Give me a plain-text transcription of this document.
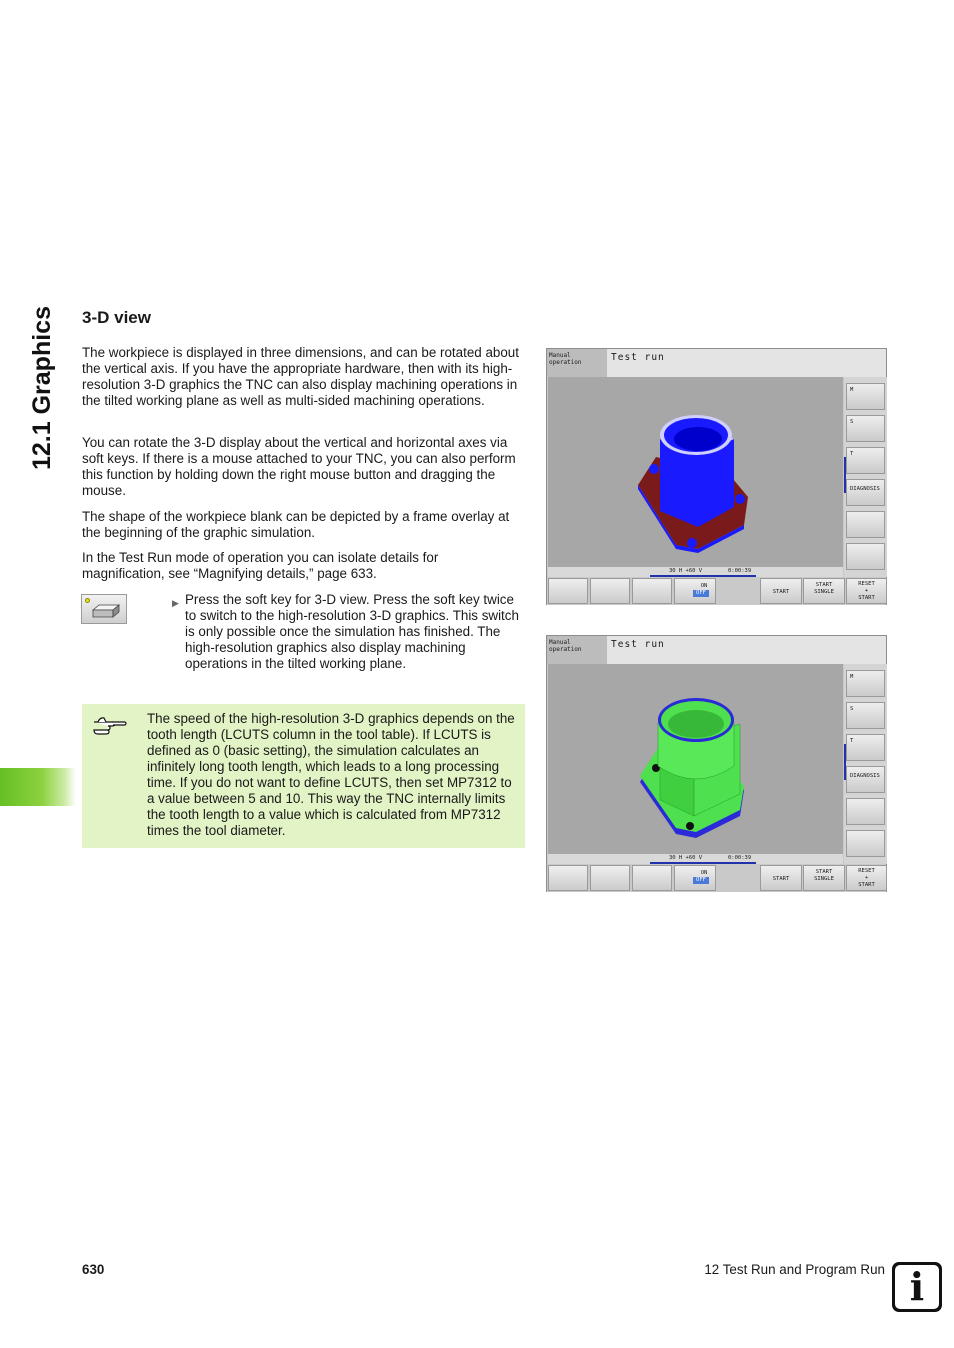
12.1 Graphics 3-D view

The workpiece is displayed in three dimensions, and can be rotated about the vertical axis. If you have the appropriate hardware, then with its high-resolution 3-D graphics the TNC can also display machining operations in the tilted working plane as well as multi-sided machining operations.

You can rotate the 3-D display about the vertical and horizontal axes via soft keys. If there is a mouse attached to your TNC, you can also perform this function by holding down the right mouse button and dragging the mouse.

The shape of the workpiece blank can be depicted by a frame overlay at the beginning of the graphic simulation.

In the Test Run mode of operation you can isolate details for magnification, see “Magnifying details,” page 633.

▶ Press the soft key for 3-D view. Press the soft key twice to switch to the high-resolution 3-D graphics. This switch is only possible once the simulation has finished. The high-resolution graphics also display machining operations in the tilted working plane.

The speed of the high-resolution 3-D graphics depends on the tooth length (LCUTS column in the tool table). If LCUTS is defined as 0 (basic setting), the simulation calculates an infinitely long tooth length, which leads to a long processing time. If you do not want to define LCUTS, then set MP7312 to a value between 5 and 10. This way the TNC internally limits the tooth length to a value which is calculated from MP7312 times the tool diameter.

Manual
operation	Test run
M
S
T
DIAGNOSIS
30 H +60 V	0:00:39
ON
OFF	START
START
SINGLE
RESET
+
START
Manual
operation	Test run
M
S
T
DIAGNOSIS
30 H +60 V	0:00:39
ON
OFF	START
START
SINGLE
RESET
+
START
630	12 Test Run and Program Run i
